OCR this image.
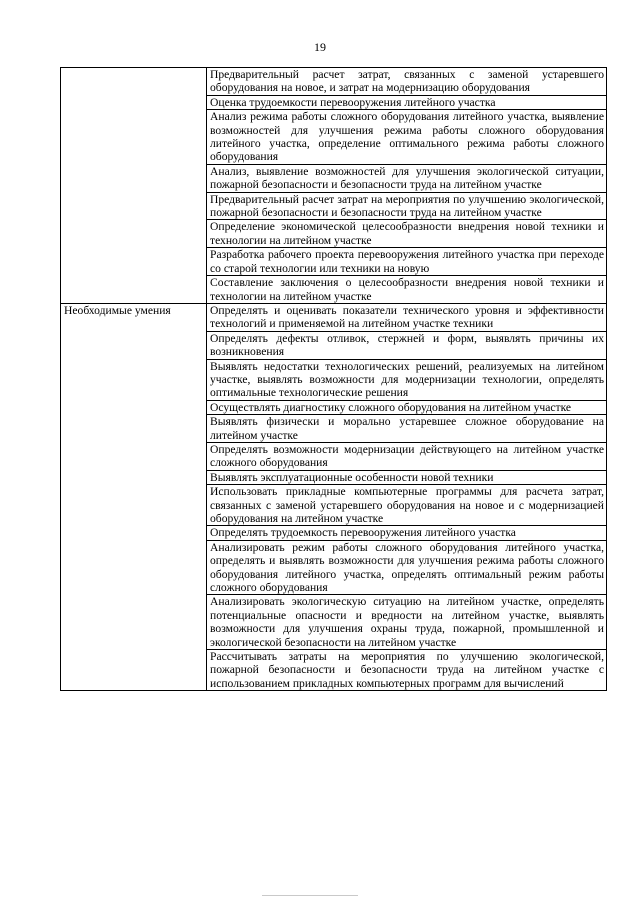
19
	Предварительный расчет затрат, связанных с заменой устаревшего оборудования на новое, и затрат на модернизацию оборудования
	Оценка трудоемкости перевооружения литейного участка
	Анализ режима работы сложного оборудования литейного участка, выявление возможностей для улучшения режима работы сложного оборудования литейного участка, определение оптимального режима работы сложного оборудования
	Анализ, выявление возможностей для улучшения экологической ситуации, пожарной безопасности и безопасности труда на литейном участке
	Предварительный расчет затрат на мероприятия по улучшению экологической, пожарной безопасности и безопасности труда на литейном участке
	Определение экономической целесообразности внедрения новой техники и технологии на литейном участке
	Разработка рабочего проекта перевооружения литейного участка при переходе со старой технологии или техники на новую
	Составление заключения о целесообразности внедрения новой техники и технологии на литейном участке
Необходимые умения	Определять и оценивать показатели технического уровня и эффективности технологий и применяемой на литейном участке техники
	Определять дефекты отливок, стержней и форм, выявлять причины их возникновения
	Выявлять недостатки технологических решений, реализуемых на литейном участке, выявлять возможности для модернизации технологии, определять оптимальные технологические решения
	Осуществлять диагностику сложного оборудования на литейном участке
	Выявлять физически и морально устаревшее сложное оборудование на литейном участке
	Определять возможности модернизации действующего на литейном участке сложного оборудования
	Выявлять эксплуатационные особенности новой техники
	Использовать прикладные компьютерные программы для расчета затрат, связанных с заменой устаревшего оборудования на новое и с модернизацией оборудования на литейном участке
	Определять трудоемкость перевооружения литейного участка
	Анализировать режим работы сложного оборудования литейного участка, определять и выявлять возможности для улучшения режима работы сложного оборудования литейного участка, определять оптимальный режим работы сложного оборудования
	Анализировать экологическую ситуацию на литейном участке, определять потенциальные опасности и вредности на литейном участке, выявлять возможности для улучшения охраны труда, пожарной, промышленной и экологической безопасности на литейном участке
	Рассчитывать затраты на мероприятия по улучшению экологической, пожарной безопасности и безопасности труда на литейном участке с использованием прикладных компьютерных программ для вычислений
